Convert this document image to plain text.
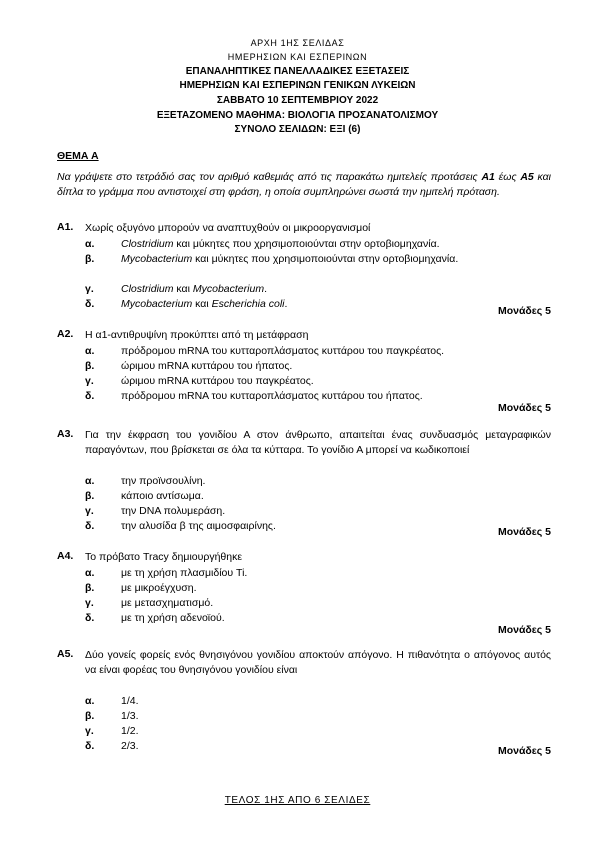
ΑΡΧΗ 1ΗΣ ΣΕΛΙΔΑΣ
ΗΜΕΡΗΣΙΩΝ ΚΑΙ ΕΣΠΕΡΙΝΩΝ
ΕΠΑΝΑΛΗΠΤΙΚΕΣ ΠΑΝΕΛΛΑΔΙΚΕΣ ΕΞΕΤΑΣΕΙΣ
ΗΜΕΡΗΣΙΩΝ ΚΑΙ ΕΣΠΕΡΙΝΩΝ ΓΕΝΙΚΩΝ ΛΥΚΕΙΩΝ
ΣΑΒΒΑΤΟ 10 ΣΕΠΤΕΜΒΡΙΟΥ 2022
ΕΞΕΤΑΖΟΜΕΝΟ ΜΑΘΗΜΑ: ΒΙΟΛΟΓΙΑ ΠΡΟΣΑΝΑΤΟΛΙΣΜΟΥ
ΣΥΝΟΛΟ ΣΕΛΙΔΩΝ: ΕΞΙ (6)
ΘΕΜΑ Α
Να γράψετε στο τετράδιό σας τον αριθμό καθεμιάς από τις παρακάτω ημιτελείς προτάσεις Α1 έως Α5 και δίπλα το γράμμα που αντιστοιχεί στη φράση, η οποία συμπληρώνει σωστά την ημιτελή πρόταση.
Α1. Χωρίς οξυγόνο μπορούν να αναπτυχθούν οι μικροοργανισμοί
α.	Clostridium και μύκητες που χρησιμοποιούνται στην ορτοβιομηχανία.
β.	Mycobacterium και μύκητες που χρησιμοποιούνται στην ορτοβιομηχανία.
γ.	Clostridium και Mycobacterium.
δ.	Mycobacterium και Escherichia coli.
Μονάδες 5
Α2. Η α1-αντιθρυψίνη προκύπτει από τη μετάφραση
α.	πρόδρομου mRNA του κυτταροπλάσματος κυττάρου του παγκρέατος.
β.	ώριμου mRNA κυττάρου του ήπατος.
γ.	ώριμου mRNA κυττάρου του παγκρέατος.
δ.	πρόδρομου mRNA του κυτταροπλάσματος κυττάρου του ήπατος.
Μονάδες 5
Α3. Για την έκφραση του γονιδίου Α στον άνθρωπο, απαιτείται ένας συνδυασμός μεταγραφικών παραγόντων, που βρίσκεται σε όλα τα κύτταρα. Το γονίδιο Α μπορεί να κωδικοποιεί
α.	την προϊνσουλίνη.
β.	κάποιο αντίσωμα.
γ.	την DNA πολυμεράση.
δ.	την αλυσίδα β της αιμοσφαιρίνης.	Μονάδες 5
Α4. Το πρόβατο Tracy δημιουργήθηκε
α.	με τη χρήση πλασμιδίου Ti.
β.	με μικροέγχυση.
γ.	με μετασχηματισμό.
δ.	με τη χρήση αδενοϊού.
Μονάδες 5
Α5. Δύο γονείς φορείς ενός θνησιγόνου γονιδίου αποκτούν απόγονο. Η πιθανότητα ο απόγονος αυτός να είναι φορέας του θνησιγόνου γονιδίου είναι
α.	1/4.
β.	1/3.
γ.	1/2.
δ.	2/3.	Μονάδες 5
ΤΕΛΟΣ 1ΗΣ ΑΠΟ 6 ΣΕΛΙΔΕΣ
